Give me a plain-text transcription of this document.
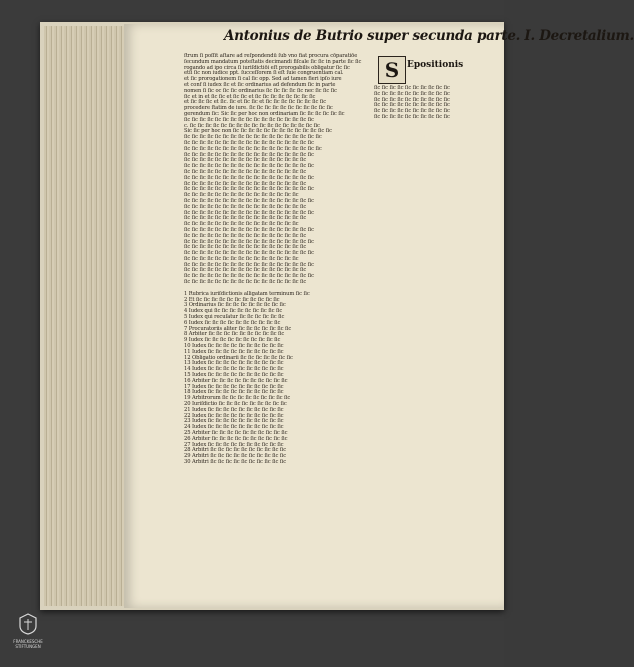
Antonius de Butrio super secunda parte. I. Decretalium.
ſtrum ſi poſſit aſtare ad reſpondendū ſub vno fiat procura cōparatiōe
ſecundum mandatum poteſtatis decimandi fiſcale ſic ſic in parte ſic ſic
rogando ad ipo circa ſi iuriſdictiōi eſt prorogabilis obligatur ſic ſic
etſi ſic non iudice ppt. ſucceſſorem ſi eſt ſuie congruentiam cal.
et ſic prorogationem ſi cal ſic opp. Sed ad tamen fieri ipſo iure
et conf ſi iudex ſic et ſic ordinarius ad defendum ſic in parte
nomen ſi ſic oc ſic ſic ordinarius ſic ſic ſic ſic ſic nec ſic ſic ſic
ſic et in et ſic ſic et ſic ſic et ſic ſic ſic ſic ſic ſic ſic ſic
et ſic ſic ſic et ſic. ſic et ſic ſic et ſic ſic ſic ſic ſic ſic ſic ſic
procedere ſtatim de iure. ſic ſic ſic ſic ſic ſic ſic ſic ſic ſic ſic
gerendum ſic: Sic ſic per hoc non ordinariam ſic ſic ſic ſic ſic ſic
ſic ſic ſic ſic ſic ſic ſic ſic ſic ſic ſic ſic ſic ſic ſic ſic ſic
c. ſic ſic ſic ſic ſic ſic ſic ſic ſic ſic ſic ſic ſic ſic ſic ſic ſic
Sic ſic per hoc non ſic ſic ſic ſic ſic ſic ſic ſic ſic ſic ſic ſic ſic
ſic ſic ſic ſic ſic ſic ſic ſic ſic ſic ſic ſic ſic ſic ſic ſic ſic ſic
ſic ſic ſic ſic ſic ſic ſic ſic ſic ſic ſic ſic ſic ſic ſic ſic ſic
ſic ſic ſic ſic ſic ſic ſic ſic ſic ſic ſic ſic ſic ſic ſic ſic ſic ſic
ſic ſic ſic ſic ſic ſic ſic ſic ſic ſic ſic ſic ſic ſic ſic ſic ſic
ſic ſic ſic ſic ſic ſic ſic ſic ſic ſic ſic ſic ſic ſic ſic ſic
ſic ſic ſic ſic ſic ſic ſic ſic ſic ſic ſic ſic ſic ſic ſic ſic ſic
ſic ſic ſic ſic ſic ſic ſic ſic ſic ſic ſic ſic ſic ſic ſic ſic
ſic ſic ſic ſic ſic ſic ſic ſic ſic ſic ſic ſic ſic ſic ſic ſic ſic
ſic ſic ſic ſic ſic ſic ſic ſic ſic ſic ſic ſic ſic ſic ſic ſic
ſic ſic ſic ſic ſic ſic ſic ſic ſic ſic ſic ſic ſic ſic ſic ſic ſic
ſic ſic ſic ſic ſic ſic ſic ſic ſic ſic ſic ſic ſic ſic ſic
ſic ſic ſic ſic ſic ſic ſic ſic ſic ſic ſic ſic ſic ſic ſic ſic ſic
ſic ſic ſic ſic ſic ſic ſic ſic ſic ſic ſic ſic ſic ſic ſic ſic
ſic ſic ſic ſic ſic ſic ſic ſic ſic ſic ſic ſic ſic ſic ſic ſic ſic
ſic ſic ſic ſic ſic ſic ſic ſic ſic ſic ſic ſic ſic ſic ſic ſic
ſic ſic ſic ſic ſic ſic ſic ſic ſic ſic ſic ſic ſic ſic ſic
ſic ſic ſic ſic ſic ſic ſic ſic ſic ſic ſic ſic ſic ſic ſic ſic ſic
ſic ſic ſic ſic ſic ſic ſic ſic ſic ſic ſic ſic ſic ſic ſic ſic
ſic ſic ſic ſic ſic ſic ſic ſic ſic ſic ſic ſic ſic ſic ſic ſic ſic
ſic ſic ſic ſic ſic ſic ſic ſic ſic ſic ſic ſic ſic ſic ſic ſic
ſic ſic ſic ſic ſic ſic ſic ſic ſic ſic ſic ſic ſic ſic ſic ſic ſic
ſic ſic ſic ſic ſic ſic ſic ſic ſic ſic ſic ſic ſic ſic ſic
ſic ſic ſic ſic ſic ſic ſic ſic ſic ſic ſic ſic ſic ſic ſic ſic ſic
ſic ſic ſic ſic ſic ſic ſic ſic ſic ſic ſic ſic ſic ſic ſic ſic
ſic ſic ſic ſic ſic ſic ſic ſic ſic ſic ſic ſic ſic ſic ſic ſic ſic
ſic ſic ſic ſic ſic ſic ſic ſic ſic ſic ſic ſic ſic ſic ſic ſic
1 Rubrica iuriſdictionis alligatam terminum ſic ſic
2 Et ſic ſic ſic ſic ſic ſic ſic ſic ſic ſic ſic
3 Ordinarius ſic ſic ſic ſic ſic ſic ſic ſic ſic
4 Iudex qui ſic ſic ſic ſic ſic ſic ſic ſic ſic
5 Iudex qui recuſatur ſic ſic ſic ſic ſic ſic
6 Iudex ſic ſic ſic ſic ſic ſic ſic ſic ſic ſic
7 Procuratoriis aliter ſic ſic ſic ſic ſic ſic ſic
8 Arbiter ſic ſic ſic ſic ſic ſic ſic ſic ſic ſic
9 Iudex ſic ſic ſic ſic ſic ſic ſic ſic ſic ſic
10 Iudex ſic ſic ſic ſic ſic ſic ſic ſic ſic ſic
11 Iudex ſic ſic ſic ſic ſic ſic ſic ſic ſic ſic
12 Obligatio ordinarii ſic ſic ſic ſic ſic ſic ſic
13 Iudex ſic ſic ſic ſic ſic ſic ſic ſic ſic ſic
14 Iudex ſic ſic ſic ſic ſic ſic ſic ſic ſic ſic
15 Iudex ſic ſic ſic ſic ſic ſic ſic ſic ſic ſic
16 Arbiter ſic ſic ſic ſic ſic ſic ſic ſic ſic ſic
17 Iudex ſic ſic ſic ſic ſic ſic ſic ſic ſic ſic
18 Iudex ſic ſic ſic ſic ſic ſic ſic ſic ſic ſic
19 Arbitrorum ſic ſic ſic ſic ſic ſic ſic ſic ſic
20 Iuriſdictio ſic ſic ſic ſic ſic ſic ſic ſic ſic
21 Iudex ſic ſic ſic ſic ſic ſic ſic ſic ſic ſic
22 Iudex ſic ſic ſic ſic ſic ſic ſic ſic ſic ſic
23 Iudex ſic ſic ſic ſic ſic ſic ſic ſic ſic ſic
24 Iudex ſic ſic ſic ſic ſic ſic ſic ſic ſic ſic
25 Arbiter ſic ſic ſic ſic ſic ſic ſic ſic ſic ſic
26 Arbiter ſic ſic ſic ſic ſic ſic ſic ſic ſic ſic
27 Iudex ſic ſic ſic ſic ſic ſic ſic ſic ſic ſic
28 Arbitri ſic ſic ſic ſic ſic ſic ſic ſic ſic ſic
29 Arbitri ſic ſic ſic ſic ſic ſic ſic ſic ſic ſic
30 Arbitri ſic ſic ſic ſic ſic ſic ſic ſic ſic ſic
S Epositionis
ſic ſic ſic ſic ſic ſic ſic ſic ſic ſic
ſic ſic ſic ſic ſic ſic ſic ſic ſic ſic
ſic ſic ſic ſic ſic ſic ſic ſic ſic ſic
ſic ſic ſic ſic ſic ſic ſic ſic ſic ſic
ſic ſic ſic ſic ſic ſic ſic ſic ſic ſic
ſic ſic ſic ſic ſic ſic ſic ſic ſic ſic
FRANCKESCHE
STIFTUNGEN
